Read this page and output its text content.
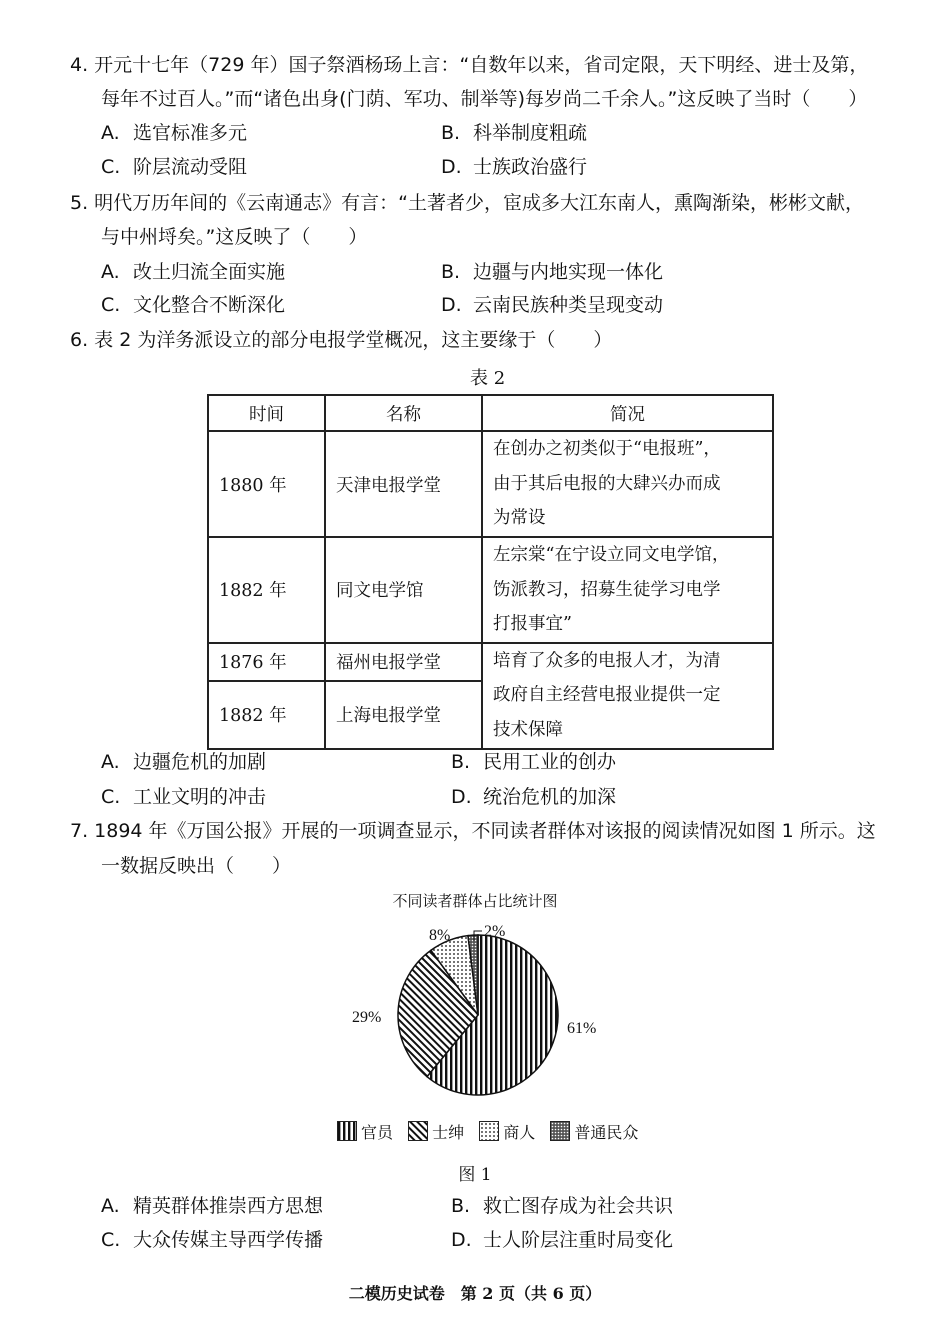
4. 开元十七年（729 年）国子祭酒杨玚上言：“自数年以来，省司定限，天下明经、进士及第，
每年不过百人。”而“诸色出身(门荫、军功、制举等)每岁尚二千余人。”这反映了当时（　　）
A. 选官标准多元	B. 科举制度粗疏
C. 阶层流动受阻	D. 士族政治盛行
5. 明代万历年间的《云南通志》有言：“土著者少，宦成多大江东南人，熏陶渐染，彬彬文献，
与中州埒矣。”这反映了（　　）
A. 改土归流全面实施	B. 边疆与内地实现一体化
C. 文化整合不断深化	D. 云南民族种类呈现变动
6. 表 2 为洋务派设立的部分电报学堂概况，这主要缘于（　　）
表 2
时间	名称	简况
1880 年	天津电报学堂	在创办之初类似于“电报班”，
由于其后电报的大肆兴办而成
为常设

1882 年	同文电学馆	左宗棠“在宁设立同文电学馆，
饬派教习，招募生徒学习电学
打报事宜”

1876 年	福州电报学堂	培育了众多的电报人才，为清
政府自主经营电报业提供一定
技术保障

1882 年	上海电报学堂	
A. 边疆危机的加剧	B. 民用工业的创办
C. 工业文明的冲击	D. 统治危机的加深
7. 1894 年《万国公报》开展的一项调查显示，不同读者群体对该报的阅读情况如图 1 所示。这
一数据反映出（　　）
不同读者群体占比统计图
61%
29%
8% 2%
官员 士绅 商人 普通民众
图 1
A. 精英群体推崇西方思想	B. 救亡图存成为社会共识
C. 大众传媒主导西学传播	D. 士人阶层注重时局变化
二模历史试卷　第 2 页（共 6 页）
